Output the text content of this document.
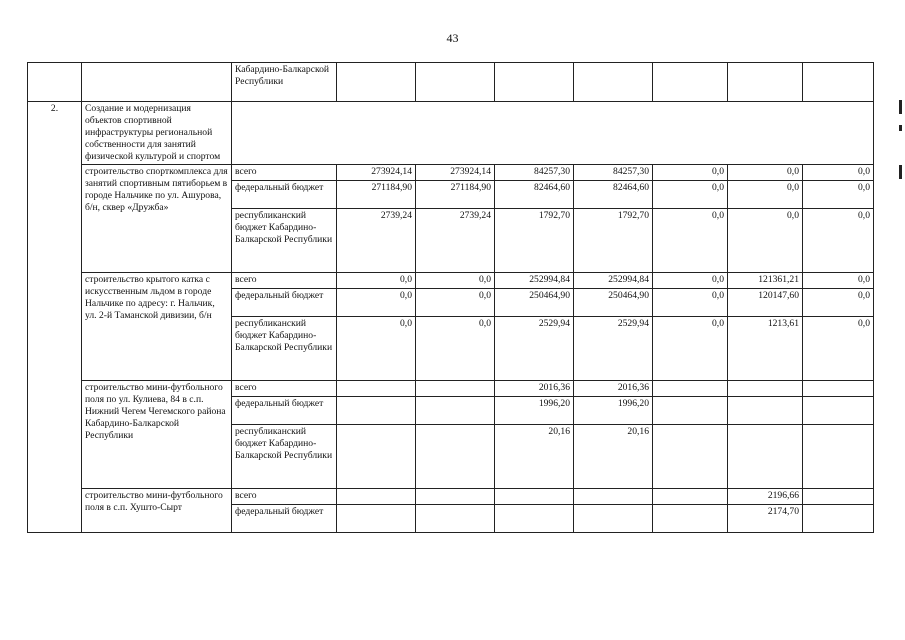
43
		Кабардино-Балкарской Республики							
2.	Создание и модернизация объектов спортивной инфраструктуры региональной собственности для занятий физической культурой и спортом								
	строительство спорткомплекса для занятий спортивным пятиборьем в городе Нальчике по ул. Ашурова, б/н, сквер «Дружба»	всего	273924,14	273924,14	84257,30	84257,30	0,0	0,0	0,0
		федеральный бюджет	271184,90	271184,90	82464,60	82464,60	0,0	0,0	0,0
		республиканский бюджет Кабардино-Балкарской Республики	2739,24	2739,24	1792,70	1792,70	0,0	0,0	0,0
	строительство крытого катка с искусственным льдом в городе Нальчике по адресу: г. Нальчик, ул. 2-й Таманской дивизии, б/н	всего	0,0	0,0	252994,84	252994,84	0,0	121361,21	0,0
		федеральный бюджет	0,0	0,0	250464,90	250464,90	0,0	120147,60	0,0
		республиканский бюджет Кабардино-Балкарской Республики	0,0	0,0	2529,94	2529,94	0,0	1213,61	0,0
	строительство мини-футбольного поля по ул. Кулиева, 84 в с.п. Нижний Чегем Чегемского района Кабардино-Балкарской Республики	всего			2016,36	2016,36			
		федеральный бюджет			1996,20	1996,20			
		республиканский бюджет Кабардино-Балкарской Республики			20,16	20,16			
	строительство мини-футбольного поля в с.п. Хушто-Сырт	всего						2196,66	
		федеральный бюджет						2174,70	
